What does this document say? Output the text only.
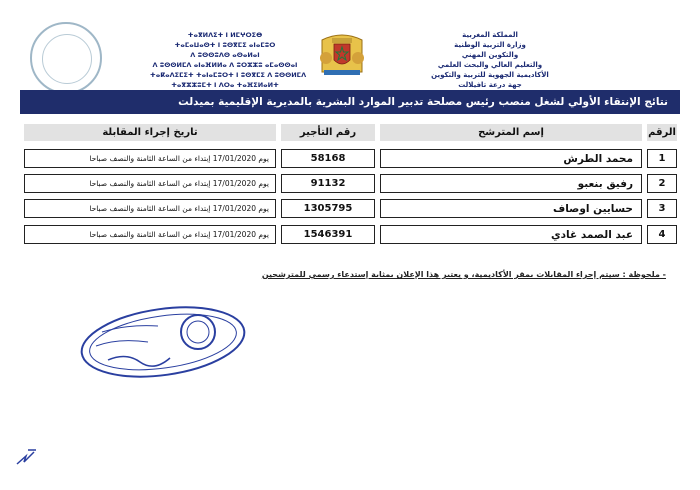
ⵜⴰⴳⵍⴷⵉⵜ ⵏ ⵍⵎⵖⵔⵉⴱ
ⵜⴰⵎⴰⵡⴰⵙⵜ ⵏ ⵓⵙⴳⵎⵉ ⴰⵏⴰⵎⵓⵔ
ⴷ ⵓⵙⵙⵓⴷⵙ ⴰⵙⴰⵍⴰⵏ
ⴷ ⵓⵙⵙⵍⵎⴷ ⴰⵏⴰⴼⵍⵍⴰ ⴷ ⵓⵔⵣⵣⵓ ⴰⵎⴰⵙⵙⴰⵏ
ⵜⴰⴽⴰⴷⵉⵎⵉⵜ ⵜⴰⵏⴰⵎⵓⵔⵜ ⵏ ⵓⵙⴳⵎⵉ ⴷ ⵓⵙⵙⵍⵎⴷ
ⵜⴰⴳⵣⵣⵓⵎⵜ ⵏ ⴷⵔⴰ ⵜⴰⴼⵉⵍⴰⵍⵜ
المملكة المغربية
وزارة التربية الوطنية
والتكوين المهني
والتعليم العالي والبحث العلمي
الأكاديمية الجهوية للتربية والتكوين
جهة درعة تافيلالت
نتائج الإنتقاء الأولي لشغل منصب رئيس مصلحة تدبير الموارد البشرية بالمديرية الإقليمية بميدلت
الرقم
إسم المترشح
رقم التأجير
تاريخ إجراء المقابلة
1
محمد الطرش
58168
يوم 17/01/2020 إبتداء من الساعة الثامنة والنصف صباحا
2
رفيق بنعبو
91132
يوم 17/01/2020 إبتداء من الساعة الثامنة والنصف صباحا
3
حسايين اوصاف
1305795
يوم 17/01/2020 إبتداء من الساعة الثامنة والنصف صباحا
4
عبد الصمد غادي
1546391
يوم 17/01/2020 إبتداء من الساعة الثامنة والنصف صباحا
- ملحوظة : سيتم إجراء المقابلات بمقر الأكاديمية، و يعتبر هذا الإعلان بمثابة إستدعاء رسمي للمترشحين
